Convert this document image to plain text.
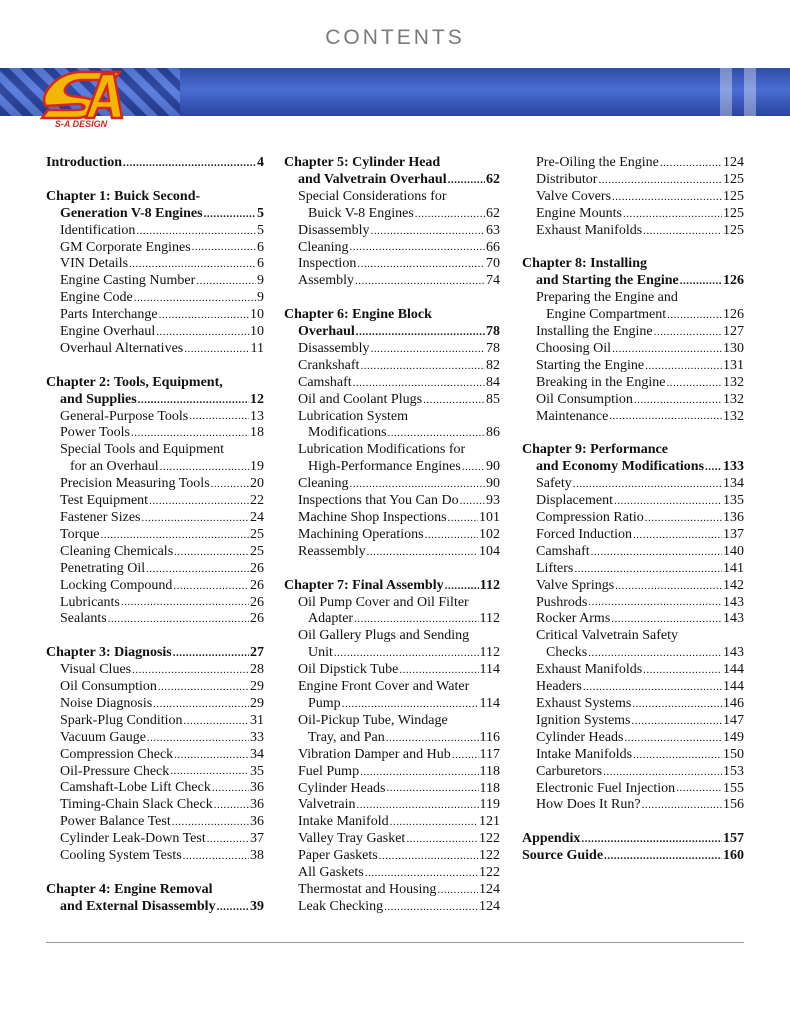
CONTENTS
S-A DESIGN
Introduction .....	4
Chapter 1: Buick Second-
Generation V-8 Engines .....	5
Identification .....	5
GM Corporate Engines .....	6
VIN Details .....	6
Engine Casting Number .....	9
Engine Code .....	9
Parts Interchange .....	10
Engine Overhaul .....	10
Overhaul Alternatives .....	11
Chapter 2: Tools, Equipment,
and Supplies .....	12
General-Purpose Tools .....	13
Power Tools .....	18
Special Tools and Equipment
for an Overhaul .....	19
Precision Measuring Tools .....	20
Test Equipment .....	22
Fastener Sizes .....	24
Torque .....	25
Cleaning Chemicals .....	25
Penetrating Oil .....	26
Locking Compound .....	26
Lubricants .....	26
Sealants .....	26
Chapter 3: Diagnosis .....	27
Visual Clues .....	28
Oil Consumption .....	29
Noise Diagnosis .....	29
Spark-Plug Condition .....	31
Vacuum Gauge .....	33
Compression Check .....	34
Oil-Pressure Check .....	35
Camshaft-Lobe Lift Check .....	36
Timing-Chain Slack Check .....	36
Power Balance Test .....	36
Cylinder Leak-Down Test .....	37
Cooling System Tests .....	38
Chapter 4: Engine Removal
and External Disassembly ..... 39
Chapter 5: Cylinder Head
and Valvetrain Overhaul .....	62
Special Considerations for
Buick V-8 Engines .....	62
Disassembly .....	63
Cleaning .....	66
Inspection .....	70
Assembly .....	74
Chapter 6: Engine Block
Overhaul .....	78
Disassembly .....	78
Crankshaft .....	82
Camshaft .....	84
Oil and Coolant Plugs .....	85
Lubrication System
Modifications .....	86
Lubrication Modifications for
High-Performance Engines ..... 90
Cleaning .....	90
Inspections that You Can Do ..... 93
Machine Shop Inspections ..... 101
Machining Operations .....	102
Reassembly .....	104
Chapter 7: Final Assembly .....	112
Oil Pump Cover and Oil Filter
Adapter .....	112
Oil Gallery Plugs and Sending
Unit .....	112
Oil Dipstick Tube .....	114
Engine Front Cover and Water
Pump .....	114
Oil-Pickup Tube, Windage
Tray, and Pan .....	116
Vibration Damper and Hub ..... 117
Fuel Pump .....	118
Cylinder Heads .....	118
Valvetrain .....	119
Intake Manifold .....	121
Valley Tray Gasket .....	122
Paper Gaskets .....	122
All Gaskets .....	122
Thermostat and Housing .....	124
Leak Checking .....	124
Pre-Oiling the Engine .....	124
Distributor .....	125
Valve Covers .....	125
Engine Mounts .....	125
Exhaust Manifolds .....	125
Chapter 8: Installing
and Starting the Engine .....	126
Preparing the Engine and
Engine Compartment .....	126
Installing the Engine .....	127
Choosing Oil .....	130
Starting the Engine .....	131
Breaking in the Engine .....	132
Oil Consumption .....	132
Maintenance .....	132
Chapter 9: Performance
and Economy Modifications ..... 133
Safety .....	134
Displacement .....	135
Compression Ratio .....	136
Forced Induction .....	137
Camshaft .....	140
Lifters .....	141
Valve Springs .....	142
Pushrods .....	143
Rocker Arms .....	143
Critical Valvetrain Safety
Checks .....	143
Exhaust Manifolds .....	144
Headers .....	144
Exhaust Systems .....	146
Ignition Systems .....	147
Cylinder Heads .....	149
Intake Manifolds .....	150
Carburetors .....	153
Electronic Fuel Injection .....	155
How Does It Run? .....	156
Appendix .....	157
Source Guide .....	160
